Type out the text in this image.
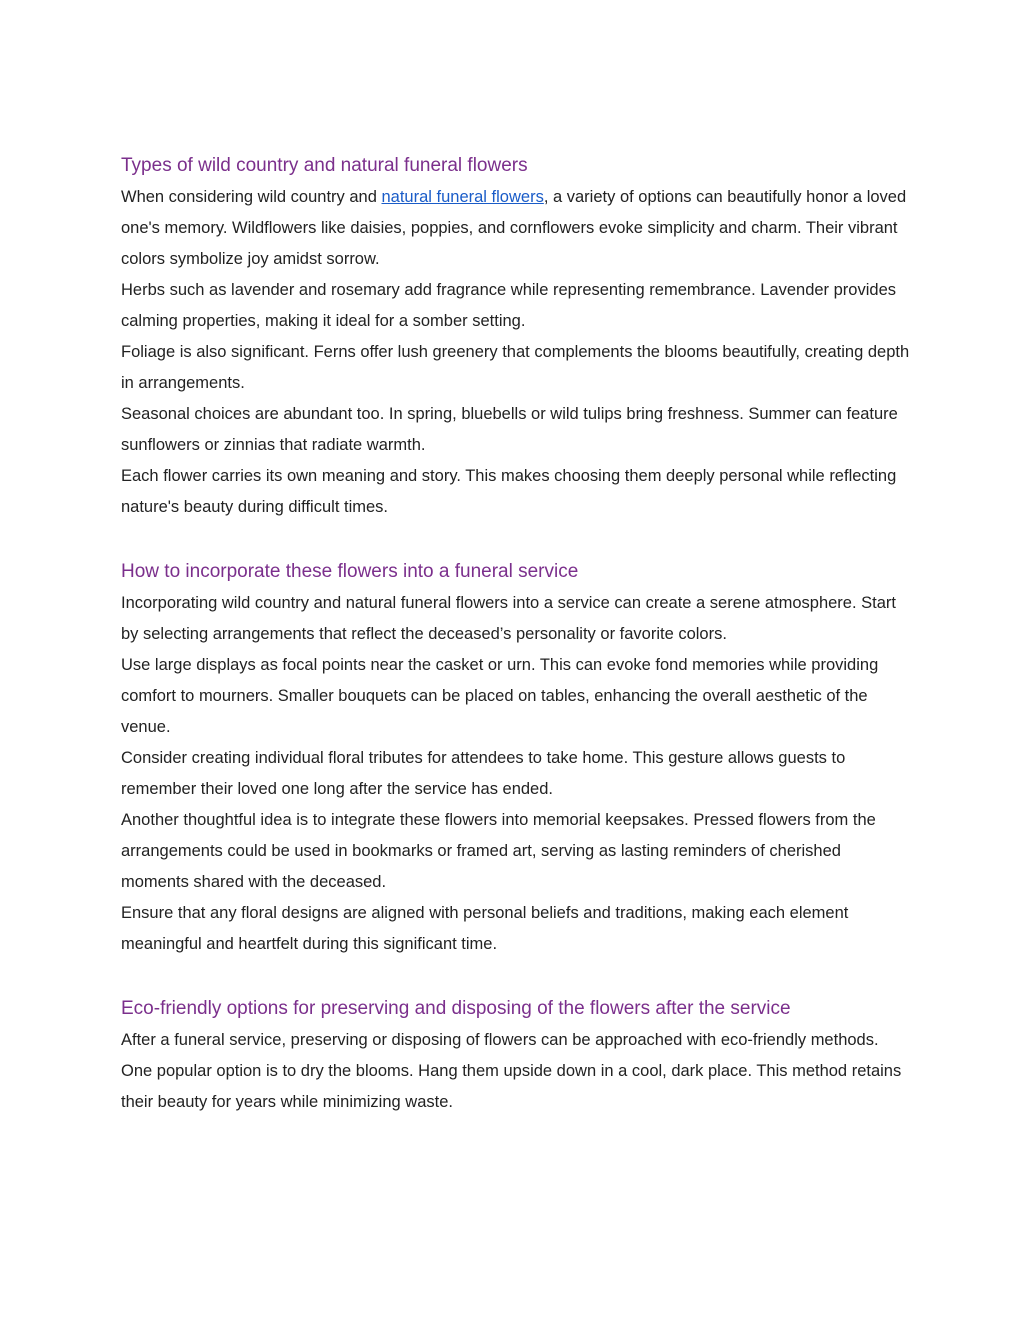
Types of wild country and natural funeral flowers

When considering wild country and natural funeral flowers, a variety of options can beautifully honor a loved one's memory. Wildflowers like daisies, poppies, and cornflowers evoke simplicity and charm. Their vibrant colors symbolize joy amidst sorrow.

Herbs such as lavender and rosemary add fragrance while representing remembrance. Lavender provides calming properties, making it ideal for a somber setting.

Foliage is also significant. Ferns offer lush greenery that complements the blooms beautifully, creating depth in arrangements.

Seasonal choices are abundant too. In spring, bluebells or wild tulips bring freshness. Summer can feature sunflowers or zinnias that radiate warmth.

Each flower carries its own meaning and story. This makes choosing them deeply personal while reflecting nature's beauty during difficult times.

How to incorporate these flowers into a funeral service

Incorporating wild country and natural funeral flowers into a service can create a serene atmosphere. Start by selecting arrangements that reflect the deceased’s personality or favorite colors.

Use large displays as focal points near the casket or urn. This can evoke fond memories while providing comfort to mourners. Smaller bouquets can be placed on tables, enhancing the overall aesthetic of the venue.

Consider creating individual floral tributes for attendees to take home. This gesture allows guests to remember their loved one long after the service has ended.

Another thoughtful idea is to integrate these flowers into memorial keepsakes. Pressed flowers from the arrangements could be used in bookmarks or framed art, serving as lasting reminders of cherished moments shared with the deceased.

Ensure that any floral designs are aligned with personal beliefs and traditions, making each element meaningful and heartfelt during this significant time.

Eco-friendly options for preserving and disposing of the flowers after the service

After a funeral service, preserving or disposing of flowers can be approached with eco-friendly methods. One popular option is to dry the blooms. Hang them upside down in a cool, dark place. This method retains their beauty for years while minimizing waste.
